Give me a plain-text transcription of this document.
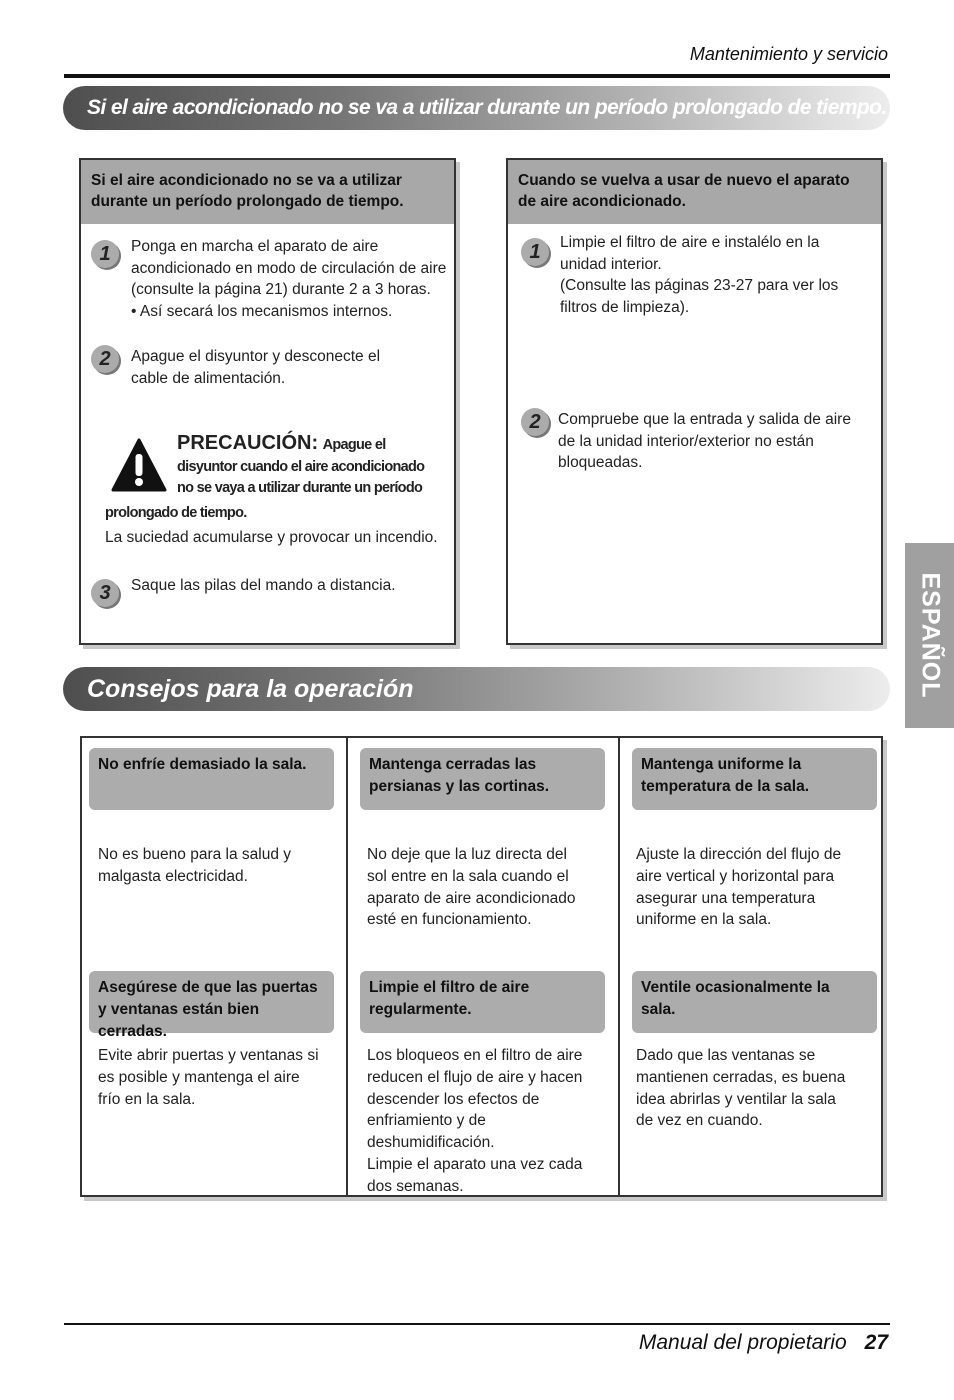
Mantenimiento y servicio
Si el aire acondicionado no se va a utilizar durante un período prolongado de tiempo.
Si el aire acondicionado no se va a utilizar durante un período prolongado de tiempo.
1	Ponga en marcha el aparato de aire
acondicionado en modo de circulación de aire
(consulte la página 21) durante 2 a 3 horas.
• Así secará los mecanismos internos.
2	Apague el disyuntor y desconecte el
cable de alimentación.
PRECAUCIÓN: Apague el
disyuntor cuando el aire acondicionado
no se vaya a utilizar durante un período
prolongado de tiempo.
La suciedad acumularse y provocar un incendio.
3	Saque las pilas del mando a distancia.
Cuando se vuelva a usar de nuevo el aparato de aire acondicionado.
1	Limpie el filtro de aire e instalélo en la
unidad interior.
(Consulte las páginas 23-27 para ver los
filtros de limpieza).
2	Compruebe que la entrada y salida de aire
de la unidad interior/exterior no están
bloqueadas.
Consejos para la operación
No enfríe demasiado la sala.
No es bueno para la salud y
malgasta electricidad.
Asegúrese de que las puertas y ventanas están bien cerradas.
Evite abrir puertas y ventanas si
es posible y mantenga el aire
frío en la sala.
Mantenga cerradas las persianas y las cortinas.
No deje que la luz directa del
sol entre en la sala cuando el
aparato de aire acondicionado
esté en funcionamiento.
Limpie el filtro de aire regularmente.
Los bloqueos en el filtro de aire
reducen el flujo de aire y hacen
descender los efectos de
enfriamiento y de
deshumidificación.
Limpie el aparato una vez cada
dos semanas.
Mantenga uniforme la temperatura de la sala.
Ajuste la dirección del flujo de
aire vertical y horizontal para
asegurar una temperatura
uniforme en la sala.
Ventile ocasionalmente la sala.
Dado que las ventanas se
mantienen cerradas, es buena
idea abrirlas y ventilar la sala
de vez en cuando.
ESPAÑOL
Manual del propietario 27
